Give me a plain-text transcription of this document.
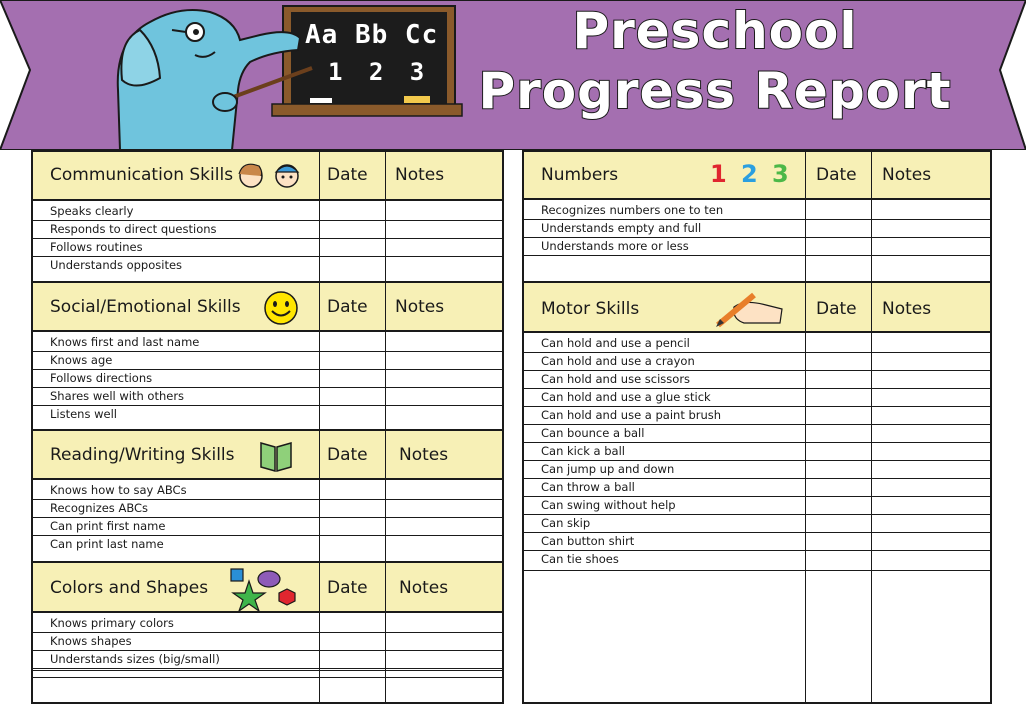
Aa Bb Cc
1 2 3
Preschool
Progress Report
Communication Skills	Date Notes
Speaks clearly
Responds to direct questions
Follows routines
Understands opposites
Social/Emotional Skills	Date Notes
Knows first and last name
Knows age
Follows directions
Shares well with others
Listens well
Reading/Writing Skills	Date Notes
Knows how to say ABCs
Recognizes ABCs
Can print first name
Can print last name
Colors and Shapes	Date Notes
Knows primary colors
Knows shapes
Understands sizes (big/small)
Numbers	1 2 3 Date Notes
Recognizes numbers one to ten
Understands empty and full
Understands more or less
Motor Skills	Date Notes
Can hold and use a pencil
Can hold and use a crayon
Can hold and use scissors
Can hold and use a glue stick
Can hold and use a paint brush
Can bounce a ball
Can kick a ball
Can jump up and down
Can throw a ball
Can swing without help
Can skip
Can button shirt
Can tie shoes
